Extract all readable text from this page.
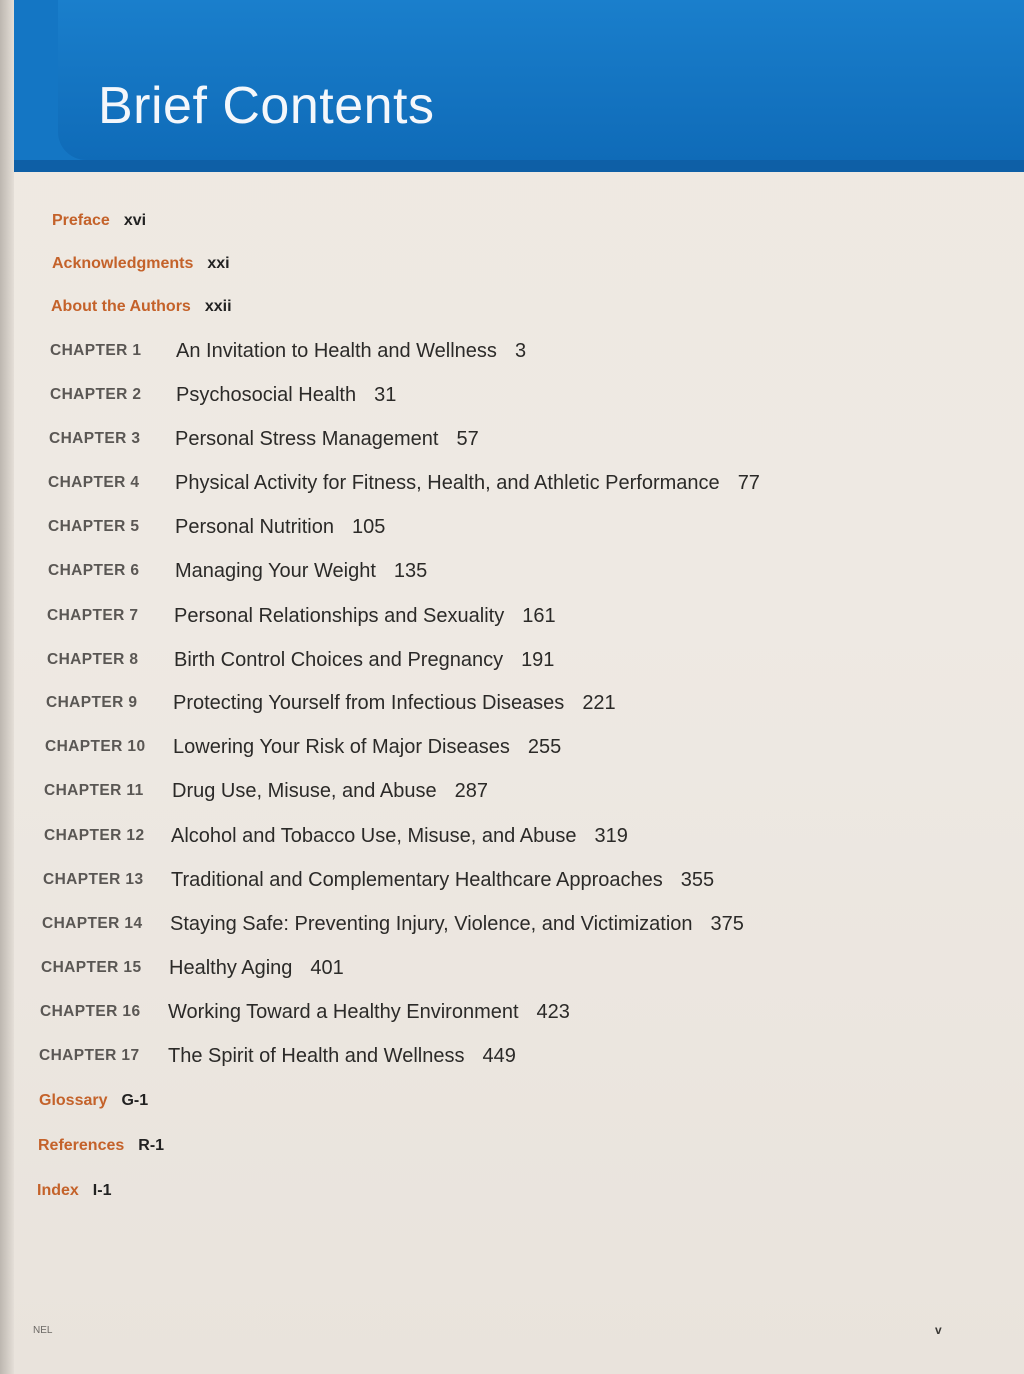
Brief Contents
Preface xvi
Acknowledgments xxi
About the Authors xxii
CHAPTER 1 An Invitation to Health and Wellness 3
CHAPTER 2 Psychosocial Health 31
CHAPTER 3 Personal Stress Management 57
CHAPTER 4 Physical Activity for Fitness, Health, and Athletic Performance 77
CHAPTER 5 Personal Nutrition 105
CHAPTER 6 Managing Your Weight 135
CHAPTER 7 Personal Relationships and Sexuality 161
CHAPTER 8 Birth Control Choices and Pregnancy 191
CHAPTER 9 Protecting Yourself from Infectious Diseases 221
CHAPTER 10 Lowering Your Risk of Major Diseases 255
CHAPTER 11 Drug Use, Misuse, and Abuse 287
CHAPTER 12 Alcohol and Tobacco Use, Misuse, and Abuse 319
CHAPTER 13 Traditional and Complementary Healthcare Approaches 355
CHAPTER 14 Staying Safe: Preventing Injury, Violence, and Victimization 375
CHAPTER 15 Healthy Aging 401
CHAPTER 16 Working Toward a Healthy Environment 423
CHAPTER 17 The Spirit of Health and Wellness 449
Glossary G-1
References R-1
Index I-1
NEL	v
